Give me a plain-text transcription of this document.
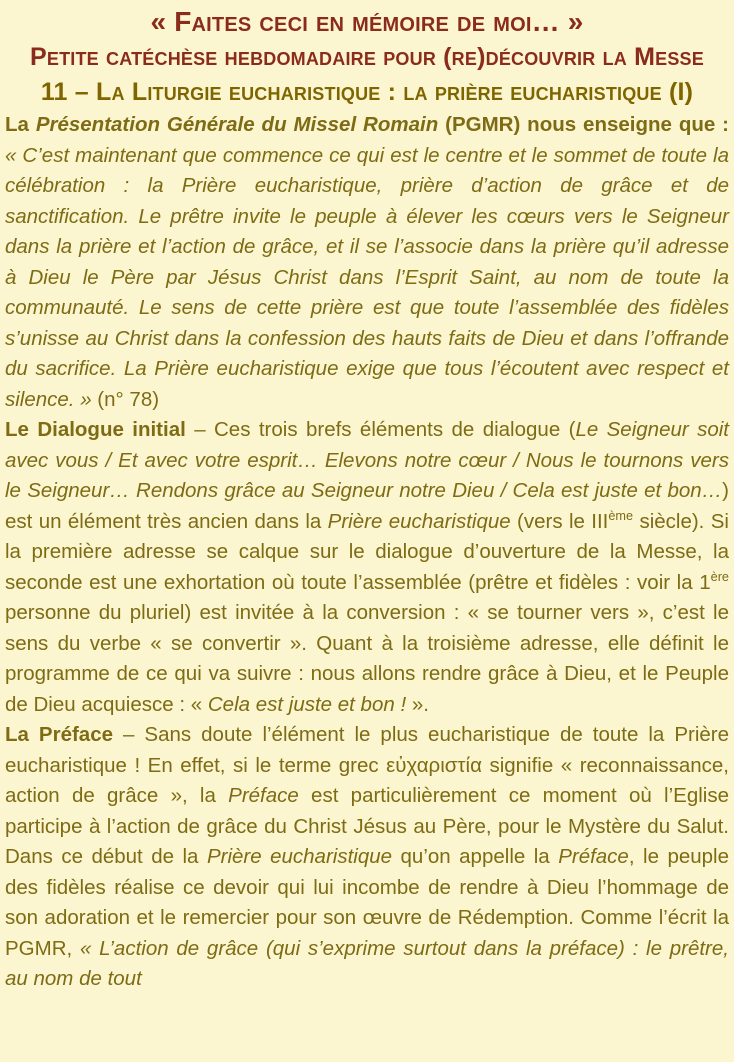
« Faites ceci en mémoire de moi… »
Petite catéchèse hebdomadaire pour (re)découvrir la Messe
11 – La Liturgie eucharistique : la prière eucharistique (I)

La Présentation Générale du Missel Romain (PGMR) nous enseigne que : « C’est maintenant que commence ce qui est le centre et le sommet de toute la célébration : la Prière eucharistique, prière d’action de grâce et de sanctification. Le prêtre invite le peuple à élever les cœurs vers le Seigneur dans la prière et l’action de grâce, et il se l’associe dans la prière qu’il adresse à Dieu le Père par Jésus Christ dans l’Esprit Saint, au nom de toute la communauté. Le sens de cette prière est que toute l’assemblée des fidèles s’unisse au Christ dans la confession des hauts faits de Dieu et dans l’offrande du sacrifice. La Prière eucharistique exige que tous l’écoutent avec respect et silence. » (n° 78)

Le Dialogue initial – Ces trois brefs éléments de dialogue (Le Seigneur soit avec vous / Et avec votre esprit… Elevons notre cœur / Nous le tournons vers le Seigneur… Rendons grâce au Seigneur notre Dieu / Cela est juste et bon…) est un élément très ancien dans la Prière eucharistique (vers le IIIème siècle). Si la première adresse se calque sur le dialogue d’ouverture de la Messe, la seconde est une exhortation où toute l’assemblée (prêtre et fidèles : voir la 1ère personne du pluriel) est invitée à la conversion : « se tourner vers », c’est le sens du verbe « se convertir ». Quant à la troisième adresse, elle définit le programme de ce qui va suivre : nous allons rendre grâce à Dieu, et le Peuple de Dieu acquiesce : « Cela est juste et bon ! ».

La Préface – Sans doute l’élément le plus eucharistique de toute la Prière eucharistique ! En effet, si le terme grec εὐχαριστία signifie « reconnaissance, action de grâce », la Préface est particulièrement ce moment où l’Eglise participe à l’action de grâce du Christ Jésus au Père, pour le Mystère du Salut. Dans ce début de la Prière eucharistique qu’on appelle la Préface, le peuple des fidèles réalise ce devoir qui lui incombe de rendre à Dieu l’hommage de son adoration et le remercier pour son œuvre de Rédemption. Comme l’écrit la PGMR, « L’action de grâce (qui s’exprime surtout dans la préface) : le prêtre, au nom de tout
